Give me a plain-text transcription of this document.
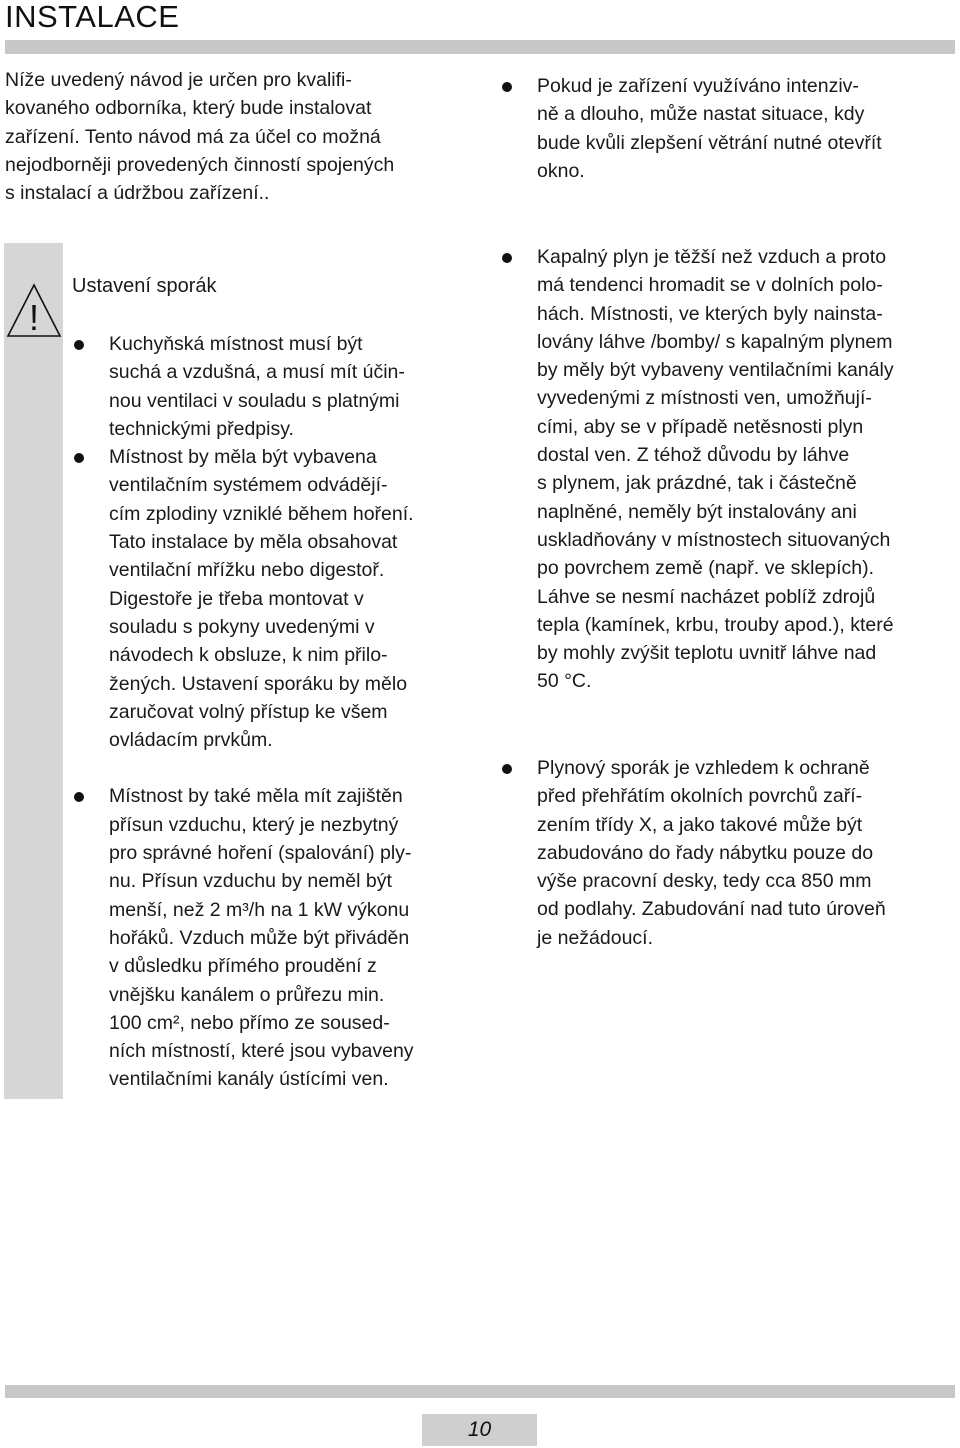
INSTALACE
Níže uvedený návod je určen pro kvalifi-
kovaného odborníka, který bude instalovat
zařízení. Tento návod má za účel co možná
nejodborněji provedených činností spojených
s instalací a údržbou zařízení..
!
Ustavení sporák
Kuchyňská místnost musí být
suchá a vzdušná, a musí mít účin-
nou ventilaci v souladu s platnými
technickými předpisy.
Místnost by měla být vybavena
ventilačním systémem odvádějí-
cím zplodiny vzniklé během hoření.
Tato instalace by měla obsahovat
ventilační mřížku nebo digestoř.
Digestoře je třeba montovat v
souladu s pokyny uvedenými v
návodech k obsluze, k nim přilo-
žených. Ustavení sporáku by mělo
zaručovat volný přístup ke všem
ovládacím prvkům.
Místnost by také měla mít zajištěn
přísun vzduchu, který je nezbytný
pro správné hoření (spalování) ply-
nu. Přísun vzduchu by neměl být
menší, než 2 m³/h na 1 kW výkonu
hořáků. Vzduch může být přiváděn
v důsledku přímého proudění z
vnějšku kanálem o průřezu min.
100 cm², nebo přímo ze soused-
ních místností, které jsou vybaveny
ventilačními kanály ústícími ven.
Pokud je zařízení využíváno intenziv-
ně a dlouho, může nastat situace, kdy
bude kvůli zlepšení větrání nutné otevřít
okno.
Kapalný plyn je těžší než vzduch a proto
má tendenci hromadit se v dolních polo-
hách. Místnosti, ve kterých byly nainsta-
lovány láhve /bomby/ s kapalným plynem
by měly být vybaveny ventilačními kanály
vyvedenými z místnosti ven, umožňují-
cími, aby se v případě netěsnosti plyn
dostal ven. Z téhož důvodu by láhve
s plynem, jak prázdné, tak i částečně
naplněné, neměly být instalovány ani
uskladňovány v místnostech situovaných
po povrchem země (např. ve sklepích).
Láhve se nesmí nacházet poblíž zdrojů
tepla (kamínek, krbu, trouby apod.), které
by mohly zvýšit teplotu uvnitř láhve nad
50 °C.
Plynový sporák je vzhledem k ochraně
před přehřátím okolních povrchů zaří-
zením třídy X, a jako takové může být
zabudováno do řady nábytku pouze do
výše pracovní desky, tedy cca 850 mm
od podlahy. Zabudování nad tuto úroveň
je nežádoucí.
10
